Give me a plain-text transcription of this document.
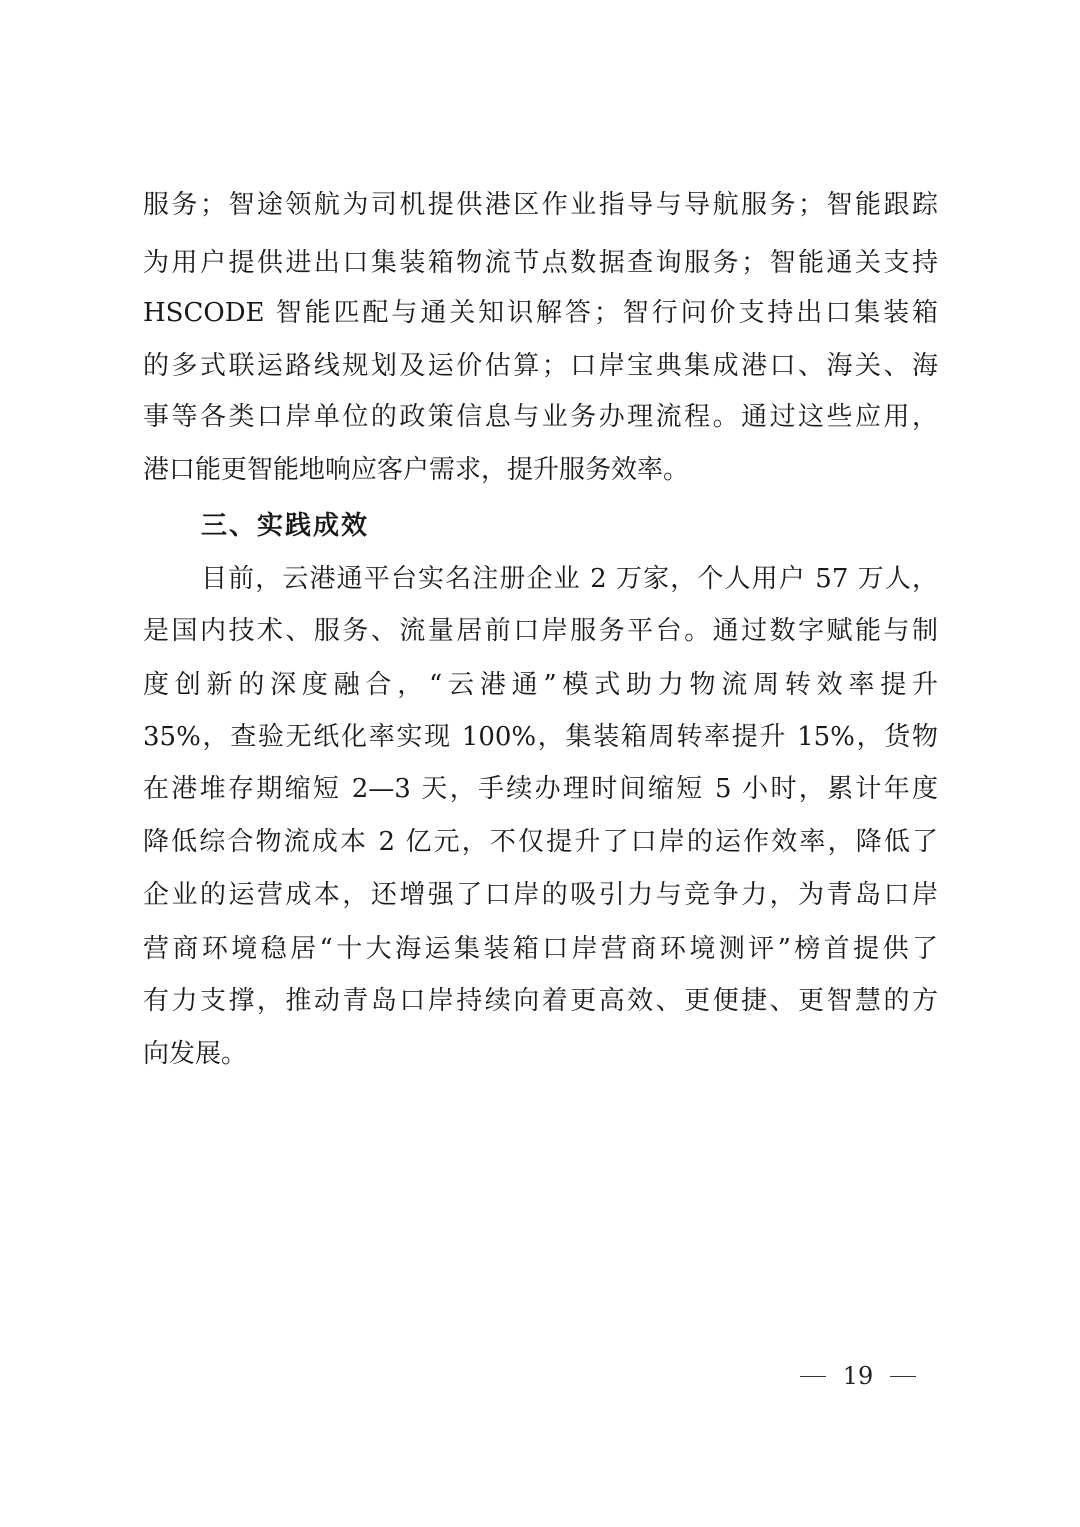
服务；智途领航为司机提供港区作业指导与导航服务；智能跟踪
为用户提供进出口集装箱物流节点数据查询服务；智能通关支持
HSCODE 智能匹配与通关知识解答；智行问价支持出口集装箱
的多式联运路线规划及运价估算；口岸宝典集成港口、海关、海
事等各类口岸单位的政策信息与业务办理流程。通过这些应用，
港口能更智能地响应客户需求，提升服务效率。
三、实践成效
目前，云港通平台实名注册企业 2 万家，个人用户 57 万人，
是国内技术、服务、流量居前口岸服务平台。通过数字赋能与制
度创新的深度融合，“云港通”模式助力物流周转效率提升
35%，查验无纸化率实现 100%，集装箱周转率提升 15%，货物
在港堆存期缩短 2—3 天，手续办理时间缩短 5 小时，累计年度
降低综合物流成本 2 亿元，不仅提升了口岸的运作效率，降低了
企业的运营成本，还增强了口岸的吸引力与竞争力，为青岛口岸
营商环境稳居“十大海运集装箱口岸营商环境测评”榜首提供了
有力支撑，推动青岛口岸持续向着更高效、更便捷、更智慧的方
向发展。
19
